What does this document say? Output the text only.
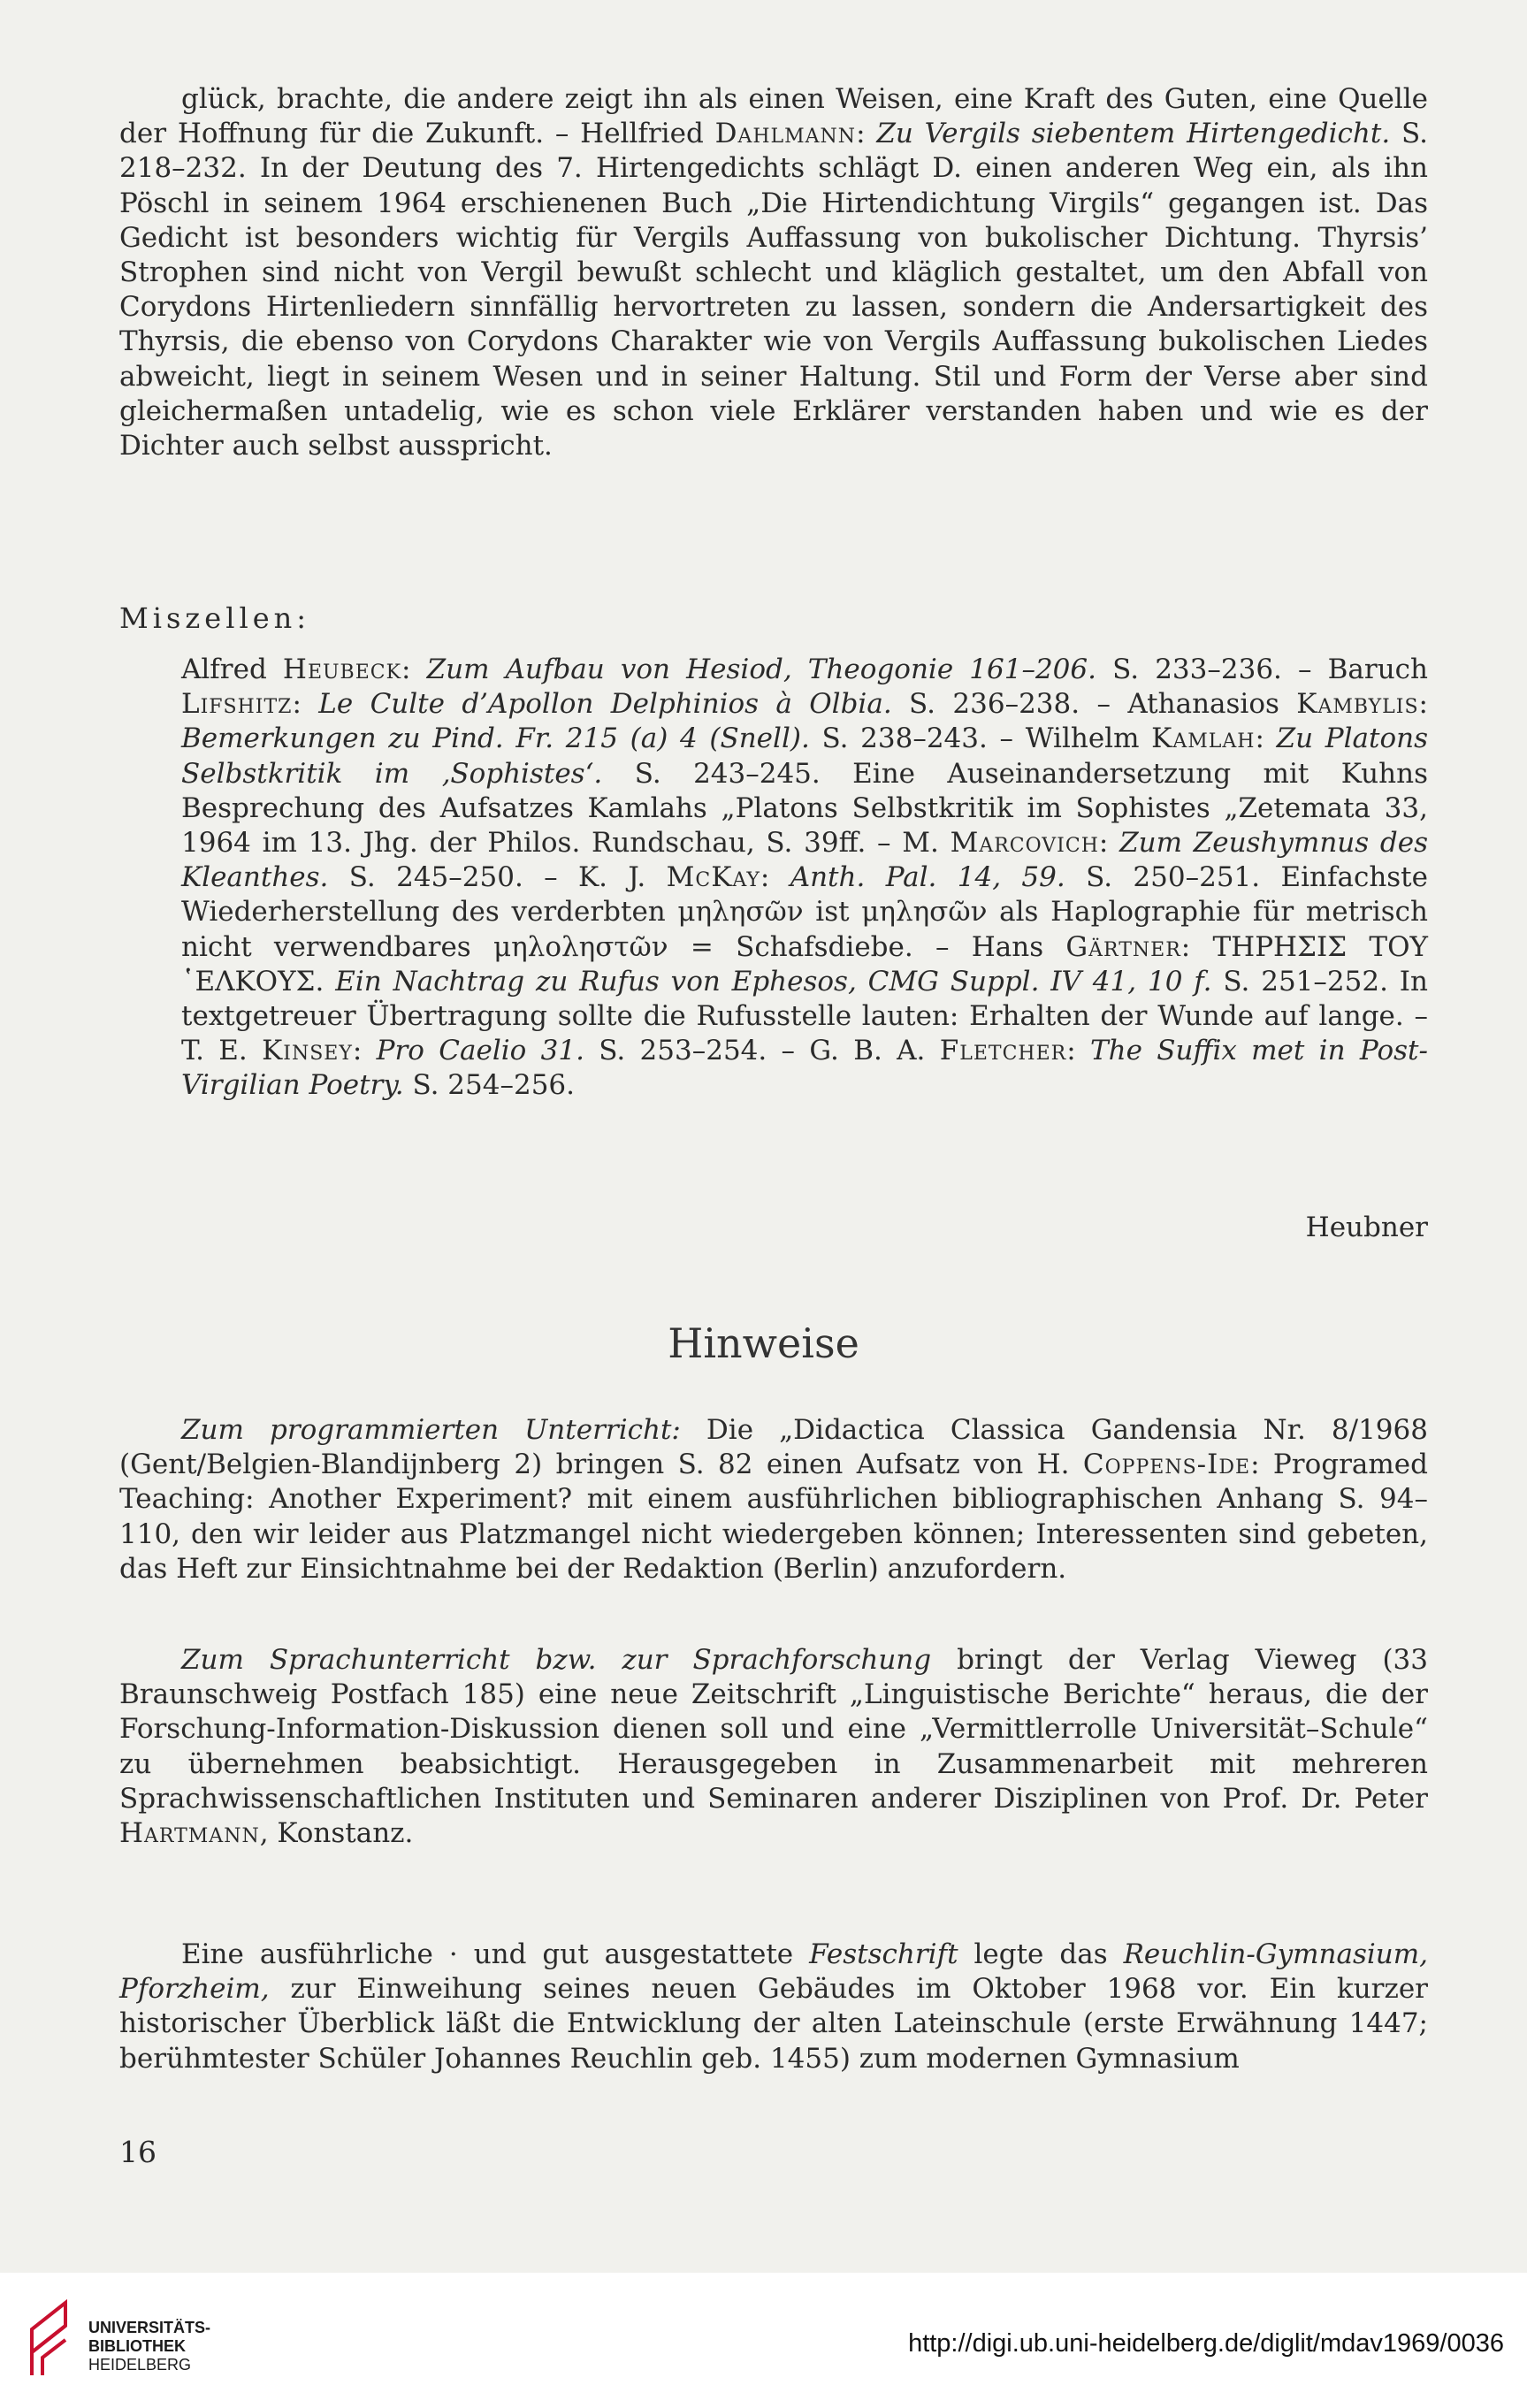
glück, brachte, die andere zeigt ihn als einen Weisen, eine Kraft des Guten, eine Quelle der Hoffnung für die Zukunft. – Hellfried Dahlmann: Zu Vergils siebentem Hirtengedicht. S. 218–232. In der Deutung des 7. Hirtengedichts schlägt D. einen anderen Weg ein, als ihn Pöschl in seinem 1964 erschienenen Buch „Die Hirtendichtung Virgils“ gegangen ist. Das Gedicht ist besonders wichtig für Vergils Auffassung von bukolischer Dichtung. Thyrsis’ Strophen sind nicht von Vergil bewußt schlecht und kläglich gestaltet, um den Abfall von Corydons Hirtenliedern sinnfällig hervortreten zu lassen, sondern die Andersartigkeit des Thyrsis, die ebenso von Corydons Charakter wie von Vergils Auffassung bukolischen Liedes abweicht, liegt in seinem Wesen und in seiner Haltung. Stil und Form der Verse aber sind gleichermaßen untadelig, wie es schon viele Erklärer verstanden haben und wie es der Dichter auch selbst ausspricht.
Miszellen:
Alfred Heubeck: Zum Aufbau von Hesiod, Theogonie 161–206. S. 233–236. – Baruch Lifshitz: Le Culte d’Apollon Delphinios à Olbia. S. 236–238. – Athanasios Kambylis: Bemerkungen zu Pind. Fr. 215 (a) 4 (Snell). S. 238–243. – Wilhelm Kamlah: Zu Platons Selbstkritik im ‚Sophistes‘. S. 243–245. Eine Auseinandersetzung mit Kuhns Besprechung des Aufsatzes Kamlahs „Platons Selbstkritik im Sophistes „Zetemata 33, 1964 im 13. Jhg. der Philos. Rundschau, S. 39ff. – M. Marcovich: Zum Zeushymnus des Kleanthes. S. 245–250. – K. J. McKay: Anth. Pal. 14, 59. S. 250–251. Einfachste Wiederherstellung des verderbten μηλησῶν ist μηλησῶν als Haplographie für metrisch nicht verwendbares μηλοληστῶν = Schafsdiebe. – Hans Gärtner: ΤΗΡΗΣΙΣ ΤΟΥ ῾ΕΛΚΟΥΣ. Ein Nachtrag zu Rufus von Ephesos, CMG Suppl. IV 41, 10 f. S. 251–252. In textgetreuer Übertragung sollte die Rufusstelle lauten: Erhalten der Wunde auf lange. – T. E. Kinsey: Pro Caelio 31. S. 253–254. – G. B. A. Fletcher: The Suffix met in Post-Virgilian Poetry. S. 254–256.
Heubner
Hinweise
Zum programmierten Unterricht: Die „Didactica Classica Gandensia Nr. 8/1968 (Gent/Belgien-Blandijnberg 2) bringen S. 82 einen Aufsatz von H. Coppens-Ide: Programed Teaching: Another Experiment? mit einem ausführlichen bibliographischen Anhang S. 94–110, den wir leider aus Platzmangel nicht wiedergeben können; Interessenten sind gebeten, das Heft zur Einsichtnahme bei der Redaktion (Berlin) anzufordern.
Zum Sprachunterricht bzw. zur Sprachforschung bringt der Verlag Vieweg (33 Braunschweig Postfach 185) eine neue Zeitschrift „Linguistische Berichte“ heraus, die der Forschung-Information-Diskussion dienen soll und eine „Vermittlerrolle Universität–Schule“ zu übernehmen beabsichtigt. Herausgegeben in Zusammenarbeit mit mehreren Sprachwissenschaftlichen Instituten und Seminaren anderer Disziplinen von Prof. Dr. Peter Hartmann, Konstanz.
Eine ausführliche · und gut ausgestattete Festschrift legte das Reuchlin-Gymnasium, Pforzheim, zur Einweihung seines neuen Gebäudes im Oktober 1968 vor. Ein kurzer historischer Überblick läßt die Entwicklung der alten Lateinschule (erste Erwähnung 1447; berühmtester Schüler Johannes Reuchlin geb. 1455) zum modernen Gymnasium
16
UNIVERSITÄTS-
BIBLIOTHEK
HEIDELBERG
http://digi.ub.uni-heidelberg.de/diglit/mdav1969/0036
